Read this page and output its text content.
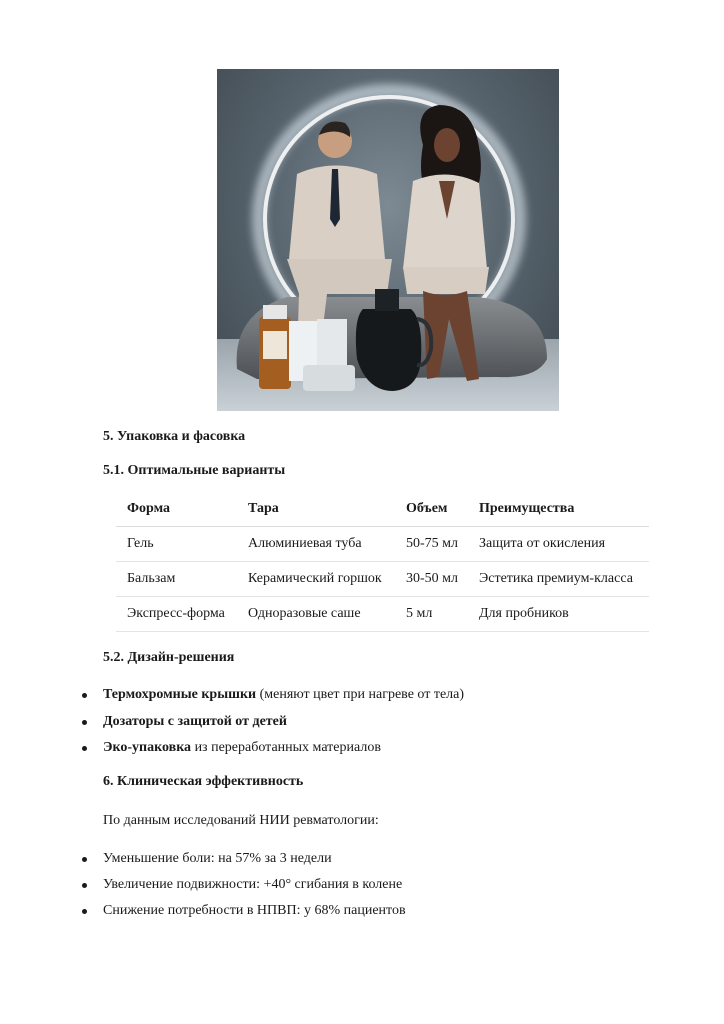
5. Упаковка и фасовка
5.1. Оптимальные варианты
Форма	Тара	Объем	Преимущества
Гель	Алюминиевая туба	50-75 мл	Защита от окисления
Бальзам	Керамический горшок	30-50 мл	Эстетика премиум-класса
Экспресс-форма	Одноразовые саше	5 мл	Для пробников
5.2. Дизайн-решения
Термохромные крышки (меняют цвет при нагреве от тела)
Дозаторы с защитой от детей
Эко-упаковка из переработанных материалов
6. Клиническая эффективность
По данным исследований НИИ ревматологии:
Уменьшение боли: на 57% за 3 недели
Увеличение подвижности: +40° сгибания в колене
Снижение потребности в НПВП: у 68% пациентов
